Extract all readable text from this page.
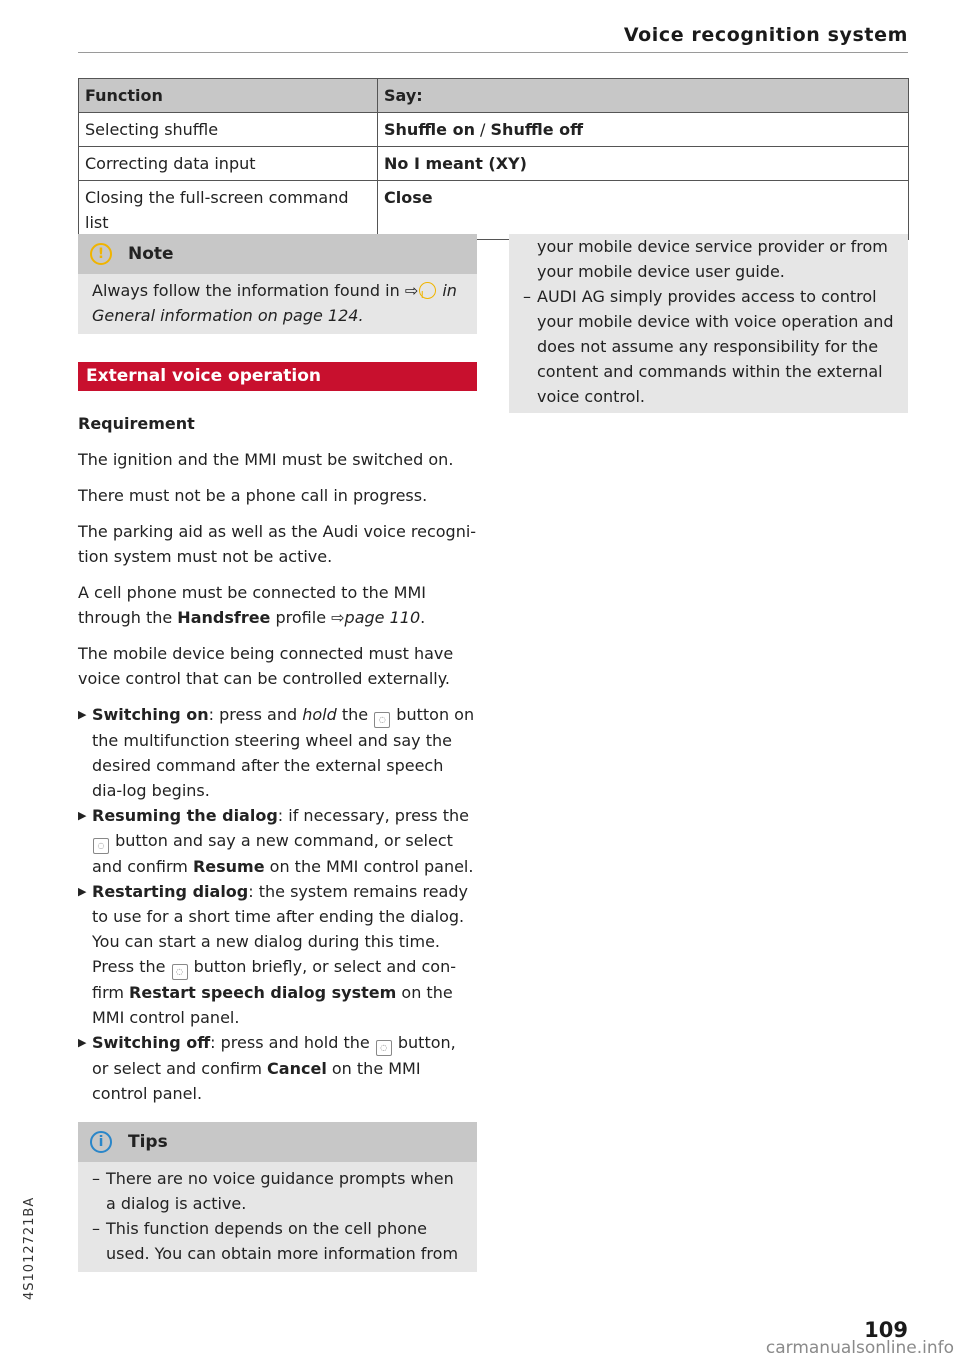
Voice recognition system
Function	Say:
Selecting shuffle	Shuffle on / Shuffle off
Correcting data input	No I meant (XY)
Closing the full-screen command list	Close
!	Note

Always follow the information found in ⇨ ! in General information on page 124.

External voice operation

Requirement

The ignition and the MMI must be switched on.

There must not be a phone call in progress.

The parking aid as well as the Audi voice recogni-tion system must not be active.

A cell phone must be connected to the MMI through the Handsfree profile ⇨page 110.

The mobile device being connected must have voice control that can be controlled externally.

▶ Switching on: press and hold the ◌ button on the multifunction steering wheel and say the desired command after the external speech dia-log begins.
▶ Resuming the dialog: if necessary, press the ◌ button and say a new command, or select and confirm Resume on the MMI control panel.
▶ Restarting dialog: the system remains ready to use for a short time after ending the dialog. You can start a new dialog during this time. Press the ◌ button briefly, or select and con-firm Restart speech dialog system on the MMI control panel.
▶ Switching off: press and hold the ◌ button, or select and confirm Cancel on the MMI control panel.
i	Tips
– There are no voice guidance prompts when a dialog is active.
– This function depends on the cell phone used. You can obtain more information from

your mobile device service provider or from your mobile device user guide.

– AUDI AG simply provides access to control your mobile device with voice operation and does not assume any responsibility for the content and commands within the external voice control.
4S1012721BA
109
carmanualsonline.info
